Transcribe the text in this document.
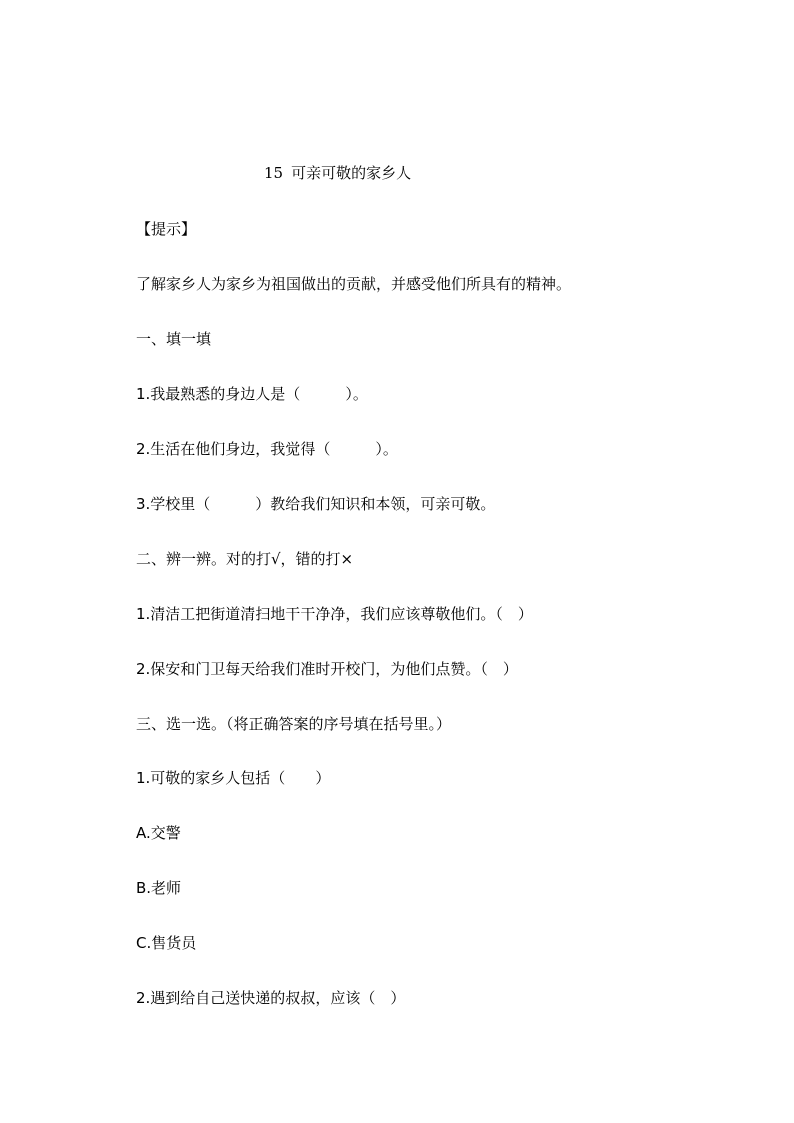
15 可亲可敬的家乡人
【提示】
了解家乡人为家乡为祖国做出的贡献，并感受他们所具有的精神。
一、填一填
1.我最熟悉的身边人是（　　　）。
2.生活在他们身边，我觉得（　　　）。
3.学校里（　　　）教给我们知识和本领，可亲可敬。
二、辨一辨。对的打√，错的打×
1.清洁工把街道清扫地干干净净，我们应该尊敬他们。（　）
2.保安和门卫每天给我们准时开校门，为他们点赞。（　）
三、选一选。（将正确答案的序号填在括号里。）
1.可敬的家乡人包括（　　）
A.交警
B.老师
C.售货员
2.遇到给自己送快递的叔叔，应该（　）
